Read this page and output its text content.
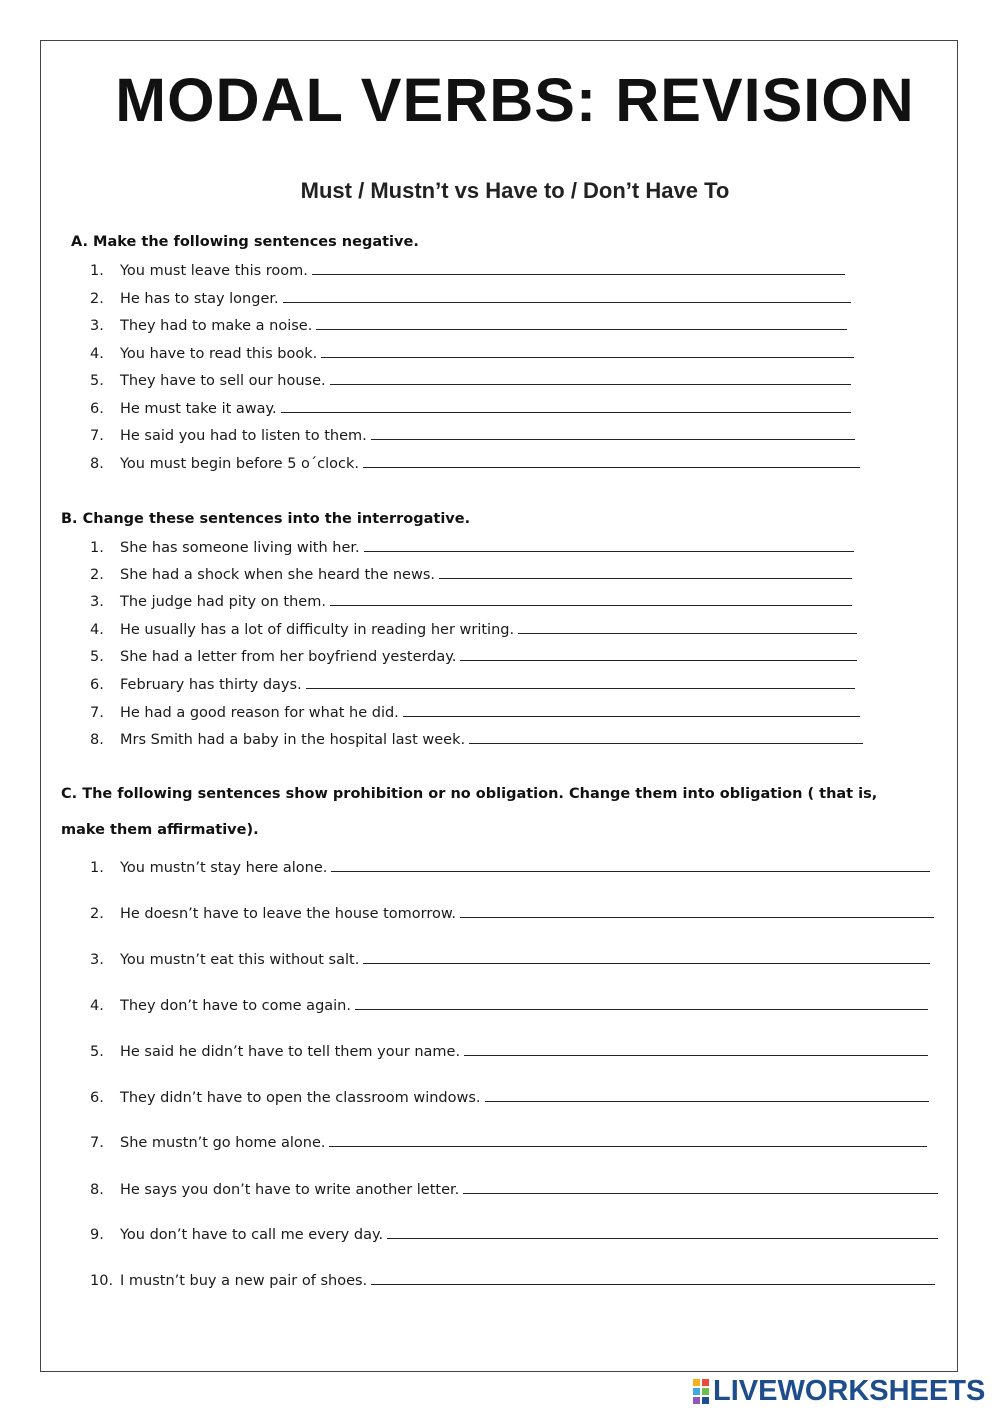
MODAL VERBS: REVISION
Must / Mustn’t vs Have to / Don’t Have To
A. Make the following sentences negative.
1.	You must leave this room.
2.	He has to stay longer.
3.	They had to make a noise.
4.	You have to read this book.
5.	They have to sell our house.
6.	He must take it away.
7.	He said you had to listen to them.
8.	You must begin before 5 o´clock.
B. Change these sentences into the interrogative.
1.	She has someone living with her.
2.	She had a shock when she heard the news.
3.	The judge had pity on them.
4.	He usually has a lot of difficulty in reading her writing.
5.	She had a letter from her boyfriend yesterday.
6.	February has thirty days.
7.	He had a good reason for what he did.
8.	Mrs Smith had a baby in the hospital last week.
C. The following sentences show prohibition or no obligation. Change them into obligation ( that is,
make them affirmative).
1.	You mustn’t stay here alone.
2.	He doesn’t have to leave the house tomorrow.
3.	You mustn’t eat this without salt.
4.	They don’t have to come again.
5.	He said he didn’t have to tell them your name.
6.	They didn’t have to open the classroom windows.
7.	She mustn’t go home alone.
8.	He says you don’t have to write another letter.
9.	You don’t have to call me every day.
10. I mustn’t buy a new pair of shoes.
LIVEWORKSHEETS
